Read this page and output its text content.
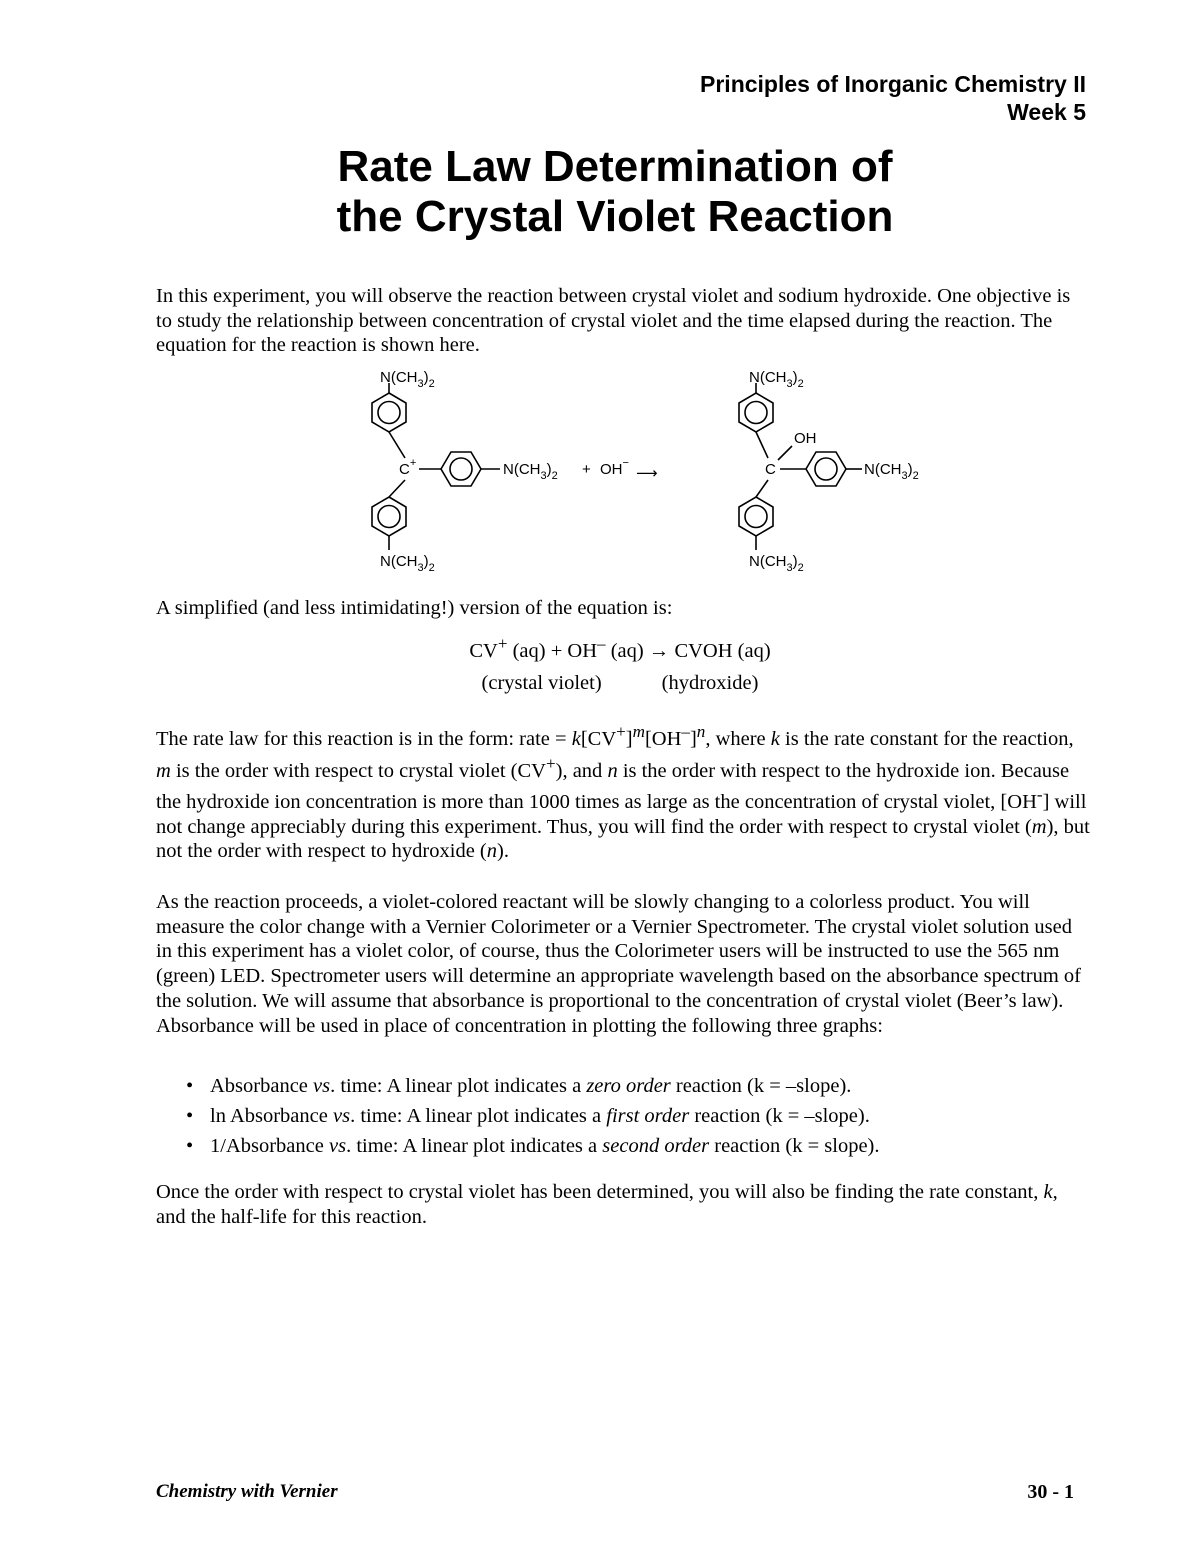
Principles of Inorganic Chemistry II
Week 5
Rate Law Determination of
the Crystal Violet Reaction

In this experiment, you will observe the reaction between crystal violet and sodium hydroxide. One objective is to study the relationship between concentration of crystal violet and the time elapsed during the reaction. The equation for the reaction is shown here.

$N(CH_3)_2$
C+	$N(CH_3)_2 + OH^-$
⟶
$N(CH_3)_2$
$N(CH_3)_2$
OH
C	$N(CH_3)_2$
$N(CH_3)_2$

A simplified (and less intimidating!) version of the equation is:

CV+ (aq) + OH– (aq) → CVOH (aq)
(crystal violet)	(hydroxide)

The rate law for this reaction is in the form: rate = $k[CV^+]^m[OH^-]^n$, where k is the rate constant for the reaction, m is the order with respect to crystal violet (CV+), and n is the order with respect to the hydroxide ion. Because the hydroxide ion concentration is more than 1000 times as large as the concentration of crystal violet, [OH-] will not change appreciably during this experiment. Thus, you will find the order with respect to crystal violet (m), but not the order with respect to hydroxide (n).

As the reaction proceeds, a violet-colored reactant will be slowly changing to a colorless product. You will measure the color change with a Vernier Colorimeter or a Vernier Spectrometer. The crystal violet solution used in this experiment has a violet color, of course, thus the Colorimeter users will be instructed to use the 565 nm (green) LED. Spectrometer users will determine an appropriate wavelength based on the absorbance spectrum of the solution. We will assume that absorbance is proportional to the concentration of crystal violet (Beer’s law). Absorbance will be used in place of concentration in plotting the following three graphs:

• Absorbance vs. time: A linear plot indicates a zero order reaction (k = –slope).
• ln Absorbance vs. time: A linear plot indicates a first order reaction (k = –slope).
• 1/Absorbance vs. time: A linear plot indicates a second order reaction (k = slope).

Once the order with respect to crystal violet has been determined, you will also be finding the rate constant, k, and the half-life for this reaction.

Chemistry with Vernier	30 - 1
